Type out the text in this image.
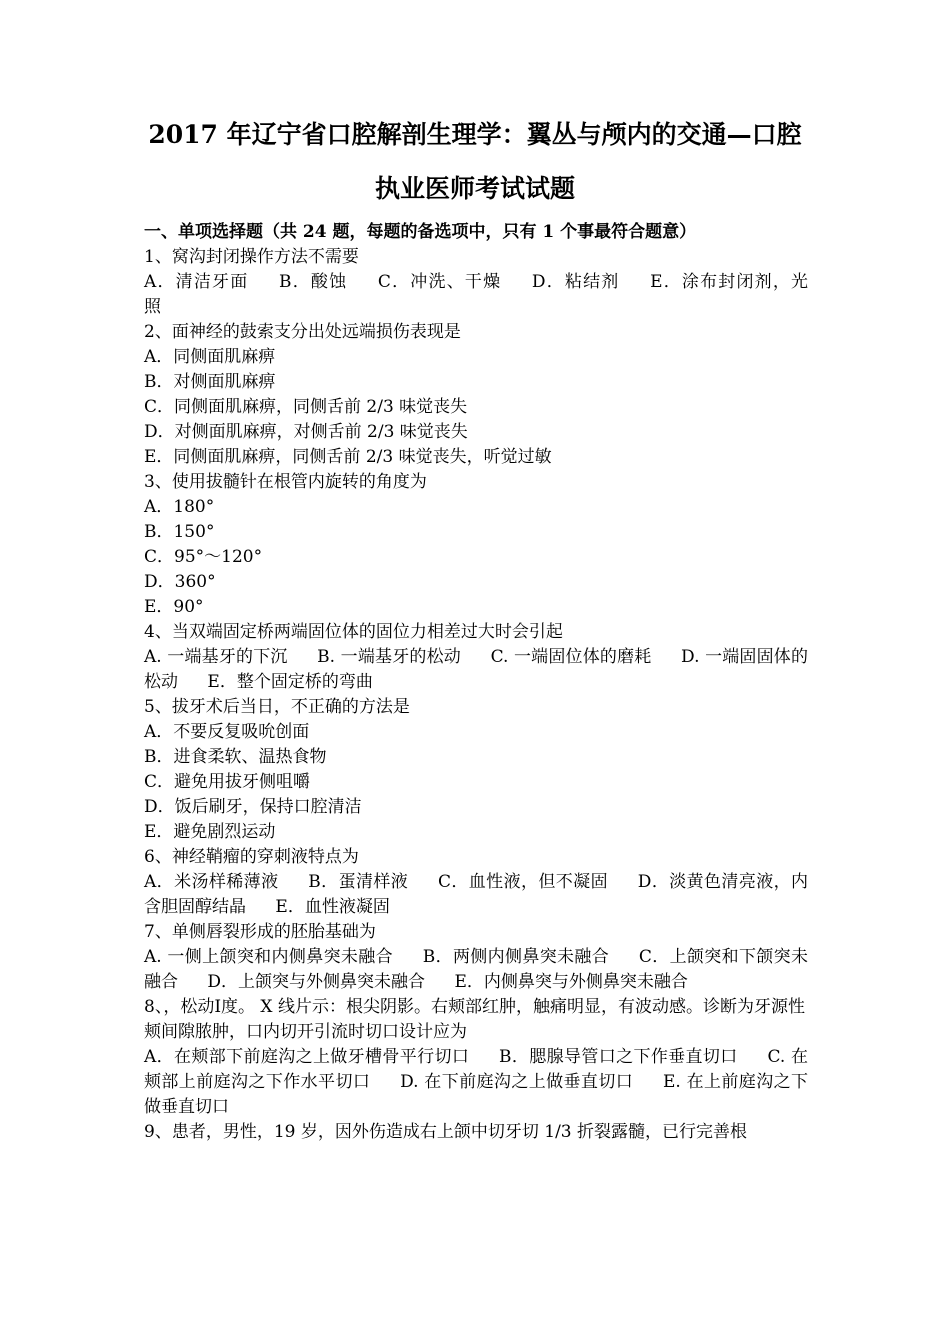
2017 年辽宁省口腔解剖生理学：翼丛与颅内的交通—口腔
执业医师考试试题

一、单项选择题（共 24 题，每题的备选项中，只有 1 个事最符合题意）

1、窝沟封闭操作方法不需要

A．清洁牙面 B．酸蚀 C．冲洗、干燥 D．粘结剂 E．涂布封闭剂，光照

2、面神经的鼓索支分出处远端损伤表现是

A．同侧面肌麻痹

B．对侧面肌麻痹

C．同侧面肌麻痹，同侧舌前 2/3 味觉丧失

D．对侧面肌麻痹，对侧舌前 2/3 味觉丧失

E．同侧面肌麻痹，同侧舌前 2/3 味觉丧失，听觉过敏

3、使用拔髓针在根管内旋转的角度为

A．180°

B．150°

C．95°～120°

D．360°

E．90°

4、当双端固定桥两端固位体的固位力相差过大时会引起

A. 一端基牙的下沉 B. 一端基牙的松动 C. 一端固位体的磨耗 D. 一端固固体的松动 E．整个固定桥的弯曲

5、拔牙术后当日，不正确的方法是

A．不要反复吸吮创面

B．进食柔软、温热食物

C．避免用拔牙侧咀嚼

D．饭后刷牙，保持口腔清洁

E．避免剧烈运动

6、神经鞘瘤的穿刺液特点为

A．米汤样稀薄液 B．蛋清样液 C．血性液，但不凝固 D．淡黄色清亮液，内含胆固醇结晶 E．血性液凝固

7、单侧唇裂形成的胚胎基础为

A. 一侧上颌突和内侧鼻突未融合 B．两侧内侧鼻突未融合 C．上颌突和下颌突未融合 D．上颌突与外侧鼻突未融合 E．内侧鼻突与外侧鼻突未融合

8、，松动Ⅰ度。 X 线片示：根尖阴影。右颊部红肿，触痛明显，有波动感。诊断为牙源性颊间隙脓肿，口内切开引流时切口设计应为

A．在颊部下前庭沟之上做牙槽骨平行切口 B．腮腺导管口之下作垂直切口 C. 在颊部上前庭沟之下作水平切口 D. 在下前庭沟之上做垂直切口 E. 在上前庭沟之下做垂直切口

9、患者，男性，19 岁，因外伤造成右上颌中切牙切 1/3 折裂露髓，已行完善根
